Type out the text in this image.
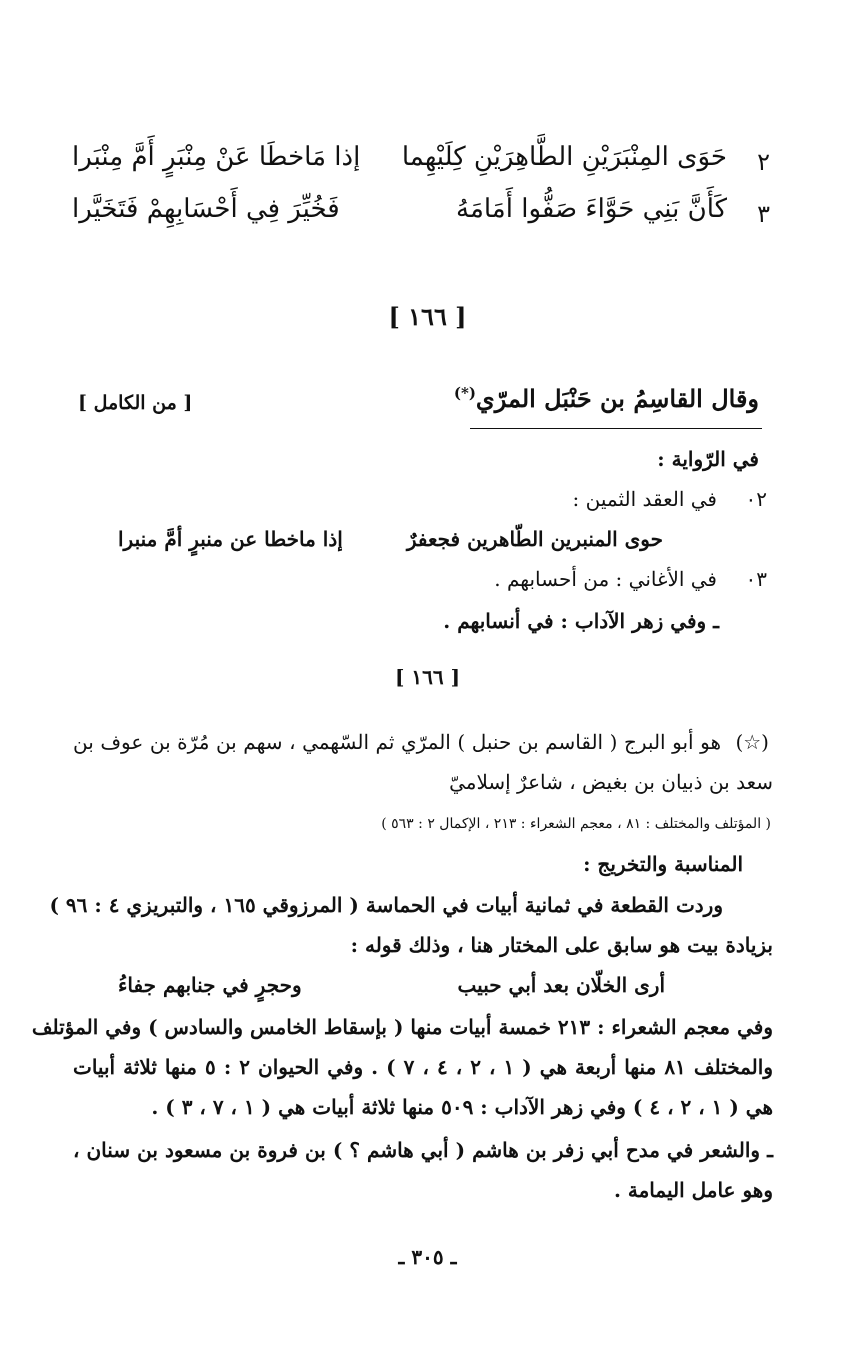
٢
حَوَى المِنْبَرَيْنِ الطَّاهِرَيْنِ كِلَيْهِما
إذا مَاخطَا عَنْ مِنْبَرٍ أَمَّ مِنْبَرا
٣
كَأَنَّ بَنِي حَوَّاءَ صَفُّوا أَمَامَهُ
فَخُيِّرَ فِي أَحْسَابِهِمْ فَتَخَيَّرا
[ ١٦٦ ]
وقال القاسِمُ بن حَنْبَل المرّي(*)
[ من الكامل ]
في الرّواية :
٠٢
في العقد الثمين :
حوى المنبرين الطّاهرين فجعفرٌ
إذا ماخطا عن منبرٍ أمَّ منبرا
٠٣
في الأغاني : من أحسابهم .
ـ وفي زهر الآداب : في أنسابهم .
[ ١٦٦ ]
(☆)
هو أبو البرج ( القاسم بن حنبل ) المرّي ثم السّهمي ، سهم بن مُرّة بن عوف بن
سعد بن ذبيان بن بغيض ، شاعرٌ إسلاميّ
( المؤتلف والمختلف : ٨١ ، معجم الشعراء : ٢١٣ ، الإكمال ٢ : ٥٦٣ )
المناسبة والتخريج :
وردت القطعة في ثمانية أبيات في الحماسة ( المرزوقي ١٦٥ ، والتبريزي ٤ : ٩٦ )
بزيادة بيت هو سابق على المختار هنا ، وذلك قوله :
أرى الخلّان بعد أبي حبيب
وحجرٍ في جنابهم جفاءُ
وفي معجم الشعراء : ٢١٣ خمسة أبيات منها ( بإسقاط الخامس والسادس ) وفي المؤتلف
والمختلف ٨١ منها أربعة هي ( ١ ، ٢ ، ٤ ، ٧ ) . وفي الحيوان ٢ : ٥ منها ثلاثة أبيات
هي ( ١ ، ٢ ، ٤ ) وفي زهر الآداب : ٥٠٩ منها ثلاثة أبيات هي ( ١ ، ٧ ، ٣ ) .
ـ والشعر في مدح أبي زفر بن هاشم ( أبي هاشم ؟ ) بن فروة بن مسعود بن سنان ،
وهو عامل اليمامة .
ـ ٣٠٥ ـ
